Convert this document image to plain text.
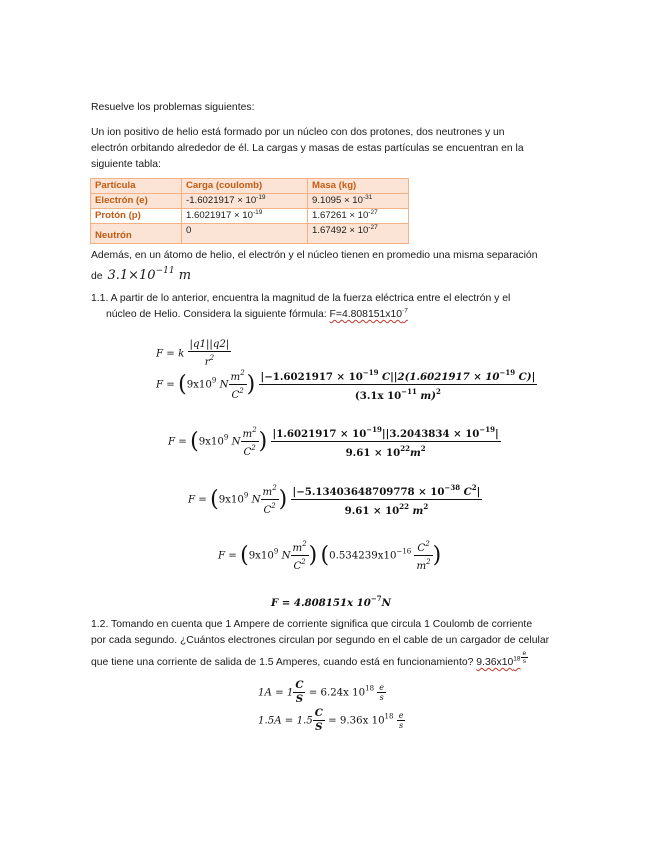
Resuelve los problemas siguientes:
Un ion positivo de helio está formado por un núcleo con dos protones, dos neutrones y un
electrón orbitando alrededor de él. La cargas y masas de estas partículas se encuentran en la
siguiente tabla:
Partícula	Carga (coulomb)	Masa (kg)
Electrón (e)	$-1.6021917 \times 10^{-19}$	$9.1095 \times 10^{-31}$
Protón (p)	$1.6021917 \times 10^{-19}$	$1.67261 \times 10^{-27}$
Neutrón	0	$1.67492 \times 10^{-27}$
Además, en un átomo de helio, el electrón y el núcleo tienen en promedio una misma separación
de $3.1\times 10^{-11}$ m
1.1. A partir de lo anterior, encuentra la magnitud de la fuerza eléctrica entre el electrón y el
núcleo de Helio. Considera la siguiente fórmula: $F=4.808151x10^{-7}$
F = k $\frac{|q1||q2|}{r^2}$
$F = (9x10^9$ N $\frac{m^2}{C^2}$ ) $\frac{|-1.6021917 \times 10^{-19} C||2(1.6021917 \times 10^{-19} C)|}{(3.1x 10^{-11} m)^2}$
$F = (9x10^9$ N $\frac{m^2}{C^2}$ ) $\frac{|1.6021917 \times 10^{-19}||3.2043834 \times 10^{-19}|}{9.61 \times 10^{22}m^2}$
$F = (9x10^9$ N $\frac{m^2}{C^2}$ ) $\frac{|-5.13403648709778 \times 10^{-38} C^2|}{9.61 \times 10^{22} m^2}$
$F = (9x10^9$ N $\frac{m^2}{C^2}$ ) ($0.534239x10^{-16} \frac{C^2}{m^2}$ )
F = 4.808151x $10^{-7}N$
1.2. Tomando en cuenta que 1 Ampere de corriente significa que circula 1 Coulomb de corriente
por cada segundo. ¿Cuántos electrones circulan por segundo en el cable de un cargador de celular
que tiene una corriente de salida de 1.5 Amperes, cuando está en funcionamiento? $9.36x10^{18} \frac{e}{s}$
$1A = 1 \frac{C}{S} = 6.24x$ $10^{18} \frac{e}{s}$
$1.5A = 1.5 \frac{C}{S} = 9.36x$ $10^{18} \frac{e}{s}$
